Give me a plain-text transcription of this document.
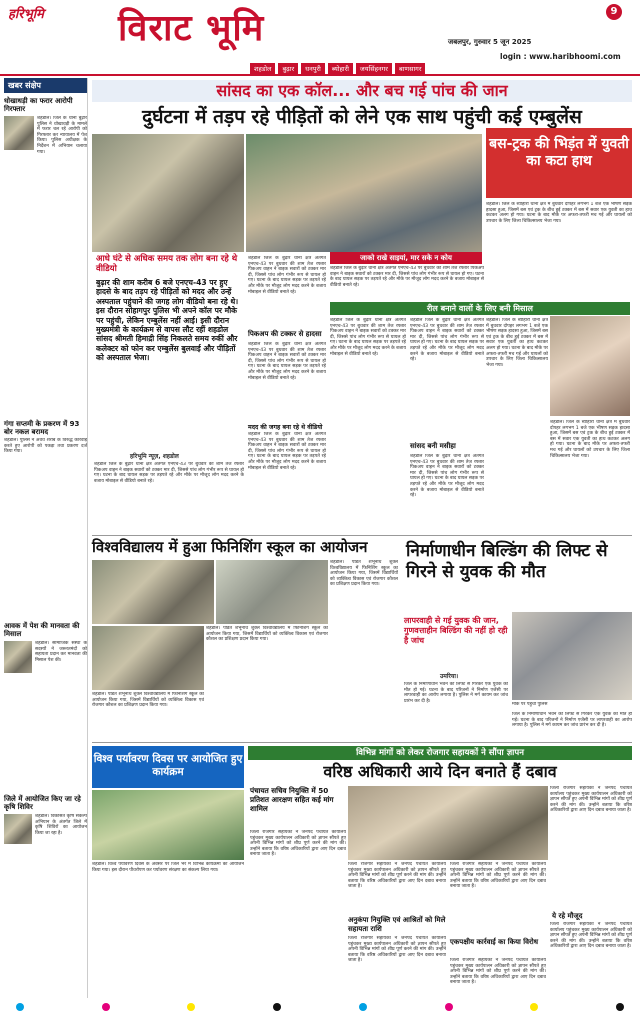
हरिभूमि विराट भूमि	9
जबलपुर, गुरुवार 5 जून 2025
login : www.haribhoomi.com
शहडोल	बुढ़ार	धनपुरी	ब्योहारी	जयसिंहनगर	बाणसागर
खबर संक्षेप
धोखाधड़ी का फरार आरोपी गिरफ्तार
शहडोल। जिले के थाना बुढ़ार पुलिस ने धोखाधड़ी के मामले में फरार चल रहे आरोपी को गिरफ्तार कर न्यायालय में पेश किया। पुलिस अधीक्षक के निर्देशन में अभियान चलाया गया।
गंगा सप्तमी के प्रकरण में 93 बोर नकल बरामद
शहडोल। पुलिस ने अवैध शराब के विरुद्ध कार्रवाई करते हुए आरोपी को पकड़ा तथा प्रकरण दर्ज किया गया।
आवक में पेश की मानवता की मिसाल
शहडोल। सामाजिक संस्था के सदस्यों ने जरूरतमंदों को सहायता प्रदान कर मानवता की मिसाल पेश की।
जिले में आयोजित किए जा रहे कृषि शिविर
शहडोल। विकसित कृषि संकल्प अभियान के अंतर्गत जिले में कृषि शिविरों का आयोजन किया जा रहा है।
सांसद का एक कॉल... और बच गई पांच की जान
दुर्घटना में तड़प रहे पीड़ितों को लेने एक साथ पहुंची कई एम्बुलेंस
आधे घंटे से अधिक समय तक लोग बना रहे थे वीडियो
बुढ़ार की शाम करीब 6 बजे एनएच-43 पर हुए हादसे के बाद तड़प रहे पीड़ितों को मदद और उन्हें अस्पताल पहुंचाने की जगह लोग वीडियो बना रहे थे। इस दौरान सोहागपुर पुलिस भी अपने कॉल पर मौके पर पहुंची, लेकिन एम्बुलेंस नहीं आई। इसी दौरान मुख्यमंत्री के कार्यक्रम से वापस लौट रहीं शहडोल सांसद श्रीमती हिमाद्री सिंह निकलते समय रुकीं और कलेक्टर को फोन कर एम्बुलेंस बुलवाई और पीड़ितों को अस्पताल भेजा।
हरिभूमि न्यूज़, शहडोल
शहडोल जिले के बुढ़ार थाना क्षेत्र अंतर्गत एनएच-43 पर बुधवार की शाम तेज रफ्तार पिकअप वाहन ने बाइक सवारों को टक्कर मार दी, जिससे पांच लोग गंभीर रूप से घायल हो गए। घटना के बाद घायल सड़क पर तड़पते रहे और मौके पर मौजूद लोग मदद करने के बजाय मोबाइल से वीडियो बनाते रहे।
शहडोल जिले के बुढ़ार थाना क्षेत्र अंतर्गत एनएच-43 पर बुधवार की शाम तेज रफ्तार पिकअप वाहन ने बाइक सवारों को टक्कर मार दी, जिससे पांच लोग गंभीर रूप से घायल हो गए। घटना के बाद घायल सड़क पर तड़पते रहे और मौके पर मौजूद लोग मदद करने के बजाय मोबाइल से वीडियो बनाते रहे।
पिकअप की टक्कर से हादसा
शहडोल जिले के बुढ़ार थाना क्षेत्र अंतर्गत एनएच-43 पर बुधवार की शाम तेज रफ्तार पिकअप वाहन ने बाइक सवारों को टक्कर मार दी, जिससे पांच लोग गंभीर रूप से घायल हो गए। घटना के बाद घायल सड़क पर तड़पते रहे और मौके पर मौजूद लोग मदद करने के बजाय मोबाइल से वीडियो बनाते रहे।
मदद की जगह बना रहे थे वीडियो
शहडोल जिले के बुढ़ार थाना क्षेत्र अंतर्गत एनएच-43 पर बुधवार की शाम तेज रफ्तार पिकअप वाहन ने बाइक सवारों को टक्कर मार दी, जिससे पांच लोग गंभीर रूप से घायल हो गए। घटना के बाद घायल सड़क पर तड़पते रहे और मौके पर मौजूद लोग मदद करने के बजाय मोबाइल से वीडियो बनाते रहे।
जाको राखे साइयां, मार सके न कोय
शहडोल जिले के बुढ़ार थाना क्षेत्र अंतर्गत एनएच-43 पर बुधवार की शाम तेज रफ्तार पिकअप वाहन ने बाइक सवारों को टक्कर मार दी, जिससे पांच लोग गंभीर रूप से घायल हो गए। घटना के बाद घायल सड़क पर तड़पते रहे और मौके पर मौजूद लोग मदद करने के बजाय मोबाइल से वीडियो बनाते रहे।
रील बनाने वालों के लिए बनी मिसाल
शहडोल जिले के बुढ़ार थाना क्षेत्र अंतर्गत एनएच-43 पर बुधवार की शाम तेज रफ्तार पिकअप वाहन ने बाइक सवारों को टक्कर मार दी, जिससे पांच लोग गंभीर रूप से घायल हो गए। घटना के बाद घायल सड़क पर तड़पते रहे और मौके पर मौजूद लोग मदद करने के बजाय मोबाइल से वीडियो बनाते रहे।
शहडोल जिले के बुढ़ार थाना क्षेत्र अंतर्गत एनएच-43 पर बुधवार की शाम तेज रफ्तार पिकअप वाहन ने बाइक सवारों को टक्कर मार दी, जिससे पांच लोग गंभीर रूप से घायल हो गए। घटना के बाद घायल सड़क पर तड़पते रहे और मौके पर मौजूद लोग मदद करने के बजाय मोबाइल से वीडियो बनाते रहे।
सांसद बनी मसीहा
शहडोल जिले के बुढ़ार थाना क्षेत्र अंतर्गत एनएच-43 पर बुधवार की शाम तेज रफ्तार पिकअप वाहन ने बाइक सवारों को टक्कर मार दी, जिससे पांच लोग गंभीर रूप से घायल हो गए। घटना के बाद घायल सड़क पर तड़पते रहे और मौके पर मौजूद लोग मदद करने के बजाय मोबाइल से वीडियो बनाते रहे।
बस-ट्रक की भिड़ंत में युवती का कटा हाथ
शहडोल। जिले के ब्यौहारी थाना क्षेत्र में बुधवार दोपहर लगभग 1 बजे एक भीषण सड़क हादसा हुआ, जिसमें बस एवं ट्रक के बीच हुई टक्कर में बस में सवार एक युवती का हाथ कटकर अलग हो गया। घटना के बाद मौके पर अफरा-तफरी मच गई और घायलों को उपचार के लिए जिला चिकित्सालय भेजा गया।
शहडोल। जिले के ब्यौहारी थाना क्षेत्र में बुधवार दोपहर लगभग 1 बजे एक भीषण सड़क हादसा हुआ, जिसमें बस एवं ट्रक के बीच हुई टक्कर में बस में सवार एक युवती का हाथ कटकर अलग हो गया। घटना के बाद मौके पर अफरा-तफरी मच गई और घायलों को उपचार के लिए जिला चिकित्सालय भेजा गया।
शहडोल। जिले के ब्यौहारी थाना क्षेत्र में बुधवार दोपहर लगभग 1 बजे एक भीषण सड़क हादसा हुआ, जिसमें बस एवं ट्रक के बीच हुई टक्कर में बस में सवार एक युवती का हाथ कटकर अलग हो गया। घटना के बाद मौके पर अफरा-तफरी मच गई और घायलों को उपचार के लिए जिला चिकित्सालय भेजा गया।
विश्वविद्यालय में हुआ फिनिशिंग स्कूल का आयोजन
शहडोल। पंडित शंभूनाथ शुक्ल विश्वविद्यालय में फिनिशिंग स्कूल का आयोजन किया गया, जिसमें विद्यार्थियों को व्यक्तित्व विकास एवं रोजगार कौशल का प्रशिक्षण प्रदान किया गया।
शहडोल। पंडित शंभूनाथ शुक्ल विश्वविद्यालय में फिनिशिंग स्कूल का आयोजन किया गया, जिसमें विद्यार्थियों को व्यक्तित्व विकास एवं रोजगार कौशल का प्रशिक्षण प्रदान किया गया।
शहडोल। पंडित शंभूनाथ शुक्ल विश्वविद्यालय में फिनिशिंग स्कूल का आयोजन किया गया, जिसमें विद्यार्थियों को व्यक्तित्व विकास एवं रोजगार कौशल का प्रशिक्षण प्रदान किया गया।
निर्माणाधीन बिल्डिंग की लिफ्ट से गिरने से युवक की मौत
लापरवाही से गई युवक की जान, गुणवत्ताहीन बिल्डिंग की नहीं हो रही है जांच
उमरिया।
जिले के निर्माणाधीन भवन की लिफ्ट से गिरकर एक युवक की मौत हो गई। घटना के बाद परिजनों ने निर्माण एजेंसी पर लापरवाही का आरोप लगाया है। पुलिस ने मर्ग कायम कर जांच प्रारंभ कर दी है।
मौके पर पहुंची पुलिस
जिले के निर्माणाधीन भवन की लिफ्ट से गिरकर एक युवक की मौत हो गई। घटना के बाद परिजनों ने निर्माण एजेंसी पर लापरवाही का आरोप लगाया है। पुलिस ने मर्ग कायम कर जांच प्रारंभ कर दी है।
विश्व पर्यावरण दिवस पर आयोजित हुए कार्यक्रम
शहडोल। विश्व पर्यावरण दिवस के अवसर पर जिले भर में विभिन्न कार्यक्रमों का आयोजन किया गया। इस दौरान पौधरोपण कर पर्यावरण संरक्षण का संकल्प लिया गया।
विभिन्न मांगों को लेकर रोजगार सहायकों ने सौंपा ज्ञापन
वरिष्ठ अधिकारी आये दिन बनाते हैं दबाव
पंचायत सचिव नियुक्ति में 50 प्रतिशत आरक्षण सहित कई मांग शामिल
जिला रोजगार सहायकों ने जनपद पंचायत कार्यालय पहुंचकर मुख्य कार्यपालन अधिकारी को ज्ञापन सौंपते हुए अपनी विभिन्न मांगों को शीघ्र पूर्ण करने की मांग की। उन्होंने बताया कि वरिष्ठ अधिकारियों द्वारा आए दिन दबाव बनाया जाता है।
जिला रोजगार सहायकों ने जनपद पंचायत कार्यालय पहुंचकर मुख्य कार्यपालन अधिकारी को ज्ञापन सौंपते हुए अपनी विभिन्न मांगों को शीघ्र पूर्ण करने की मांग की। उन्होंने बताया कि वरिष्ठ अधिकारियों द्वारा आए दिन दबाव बनाया जाता है।
ये रहे मौजूद
जिला रोजगार सहायकों ने जनपद पंचायत कार्यालय पहुंचकर मुख्य कार्यपालन अधिकारी को ज्ञापन सौंपते हुए अपनी विभिन्न मांगों को शीघ्र पूर्ण करने की मांग की। उन्होंने बताया कि वरिष्ठ अधिकारियों द्वारा आए दिन दबाव बनाया जाता है।
जिला रोजगार सहायकों ने जनपद पंचायत कार्यालय पहुंचकर मुख्य कार्यपालन अधिकारी को ज्ञापन सौंपते हुए अपनी विभिन्न मांगों को शीघ्र पूर्ण करने की मांग की। उन्होंने बताया कि वरिष्ठ अधिकारियों द्वारा आए दिन दबाव बनाया जाता है।
अनुकंपा नियुक्ति एवं आश्रितों को मिले सहायता राशि
जिला रोजगार सहायकों ने जनपद पंचायत कार्यालय पहुंचकर मुख्य कार्यपालन अधिकारी को ज्ञापन सौंपते हुए अपनी विभिन्न मांगों को शीघ्र पूर्ण करने की मांग की। उन्होंने बताया कि वरिष्ठ अधिकारियों द्वारा आए दिन दबाव बनाया जाता है।
जिला रोजगार सहायकों ने जनपद पंचायत कार्यालय पहुंचकर मुख्य कार्यपालन अधिकारी को ज्ञापन सौंपते हुए अपनी विभिन्न मांगों को शीघ्र पूर्ण करने की मांग की। उन्होंने बताया कि वरिष्ठ अधिकारियों द्वारा आए दिन दबाव बनाया जाता है।
एकपक्षीय कार्रवाई का किया विरोध
जिला रोजगार सहायकों ने जनपद पंचायत कार्यालय पहुंचकर मुख्य कार्यपालन अधिकारी को ज्ञापन सौंपते हुए अपनी विभिन्न मांगों को शीघ्र पूर्ण करने की मांग की। उन्होंने बताया कि वरिष्ठ अधिकारियों द्वारा आए दिन दबाव बनाया जाता है।
